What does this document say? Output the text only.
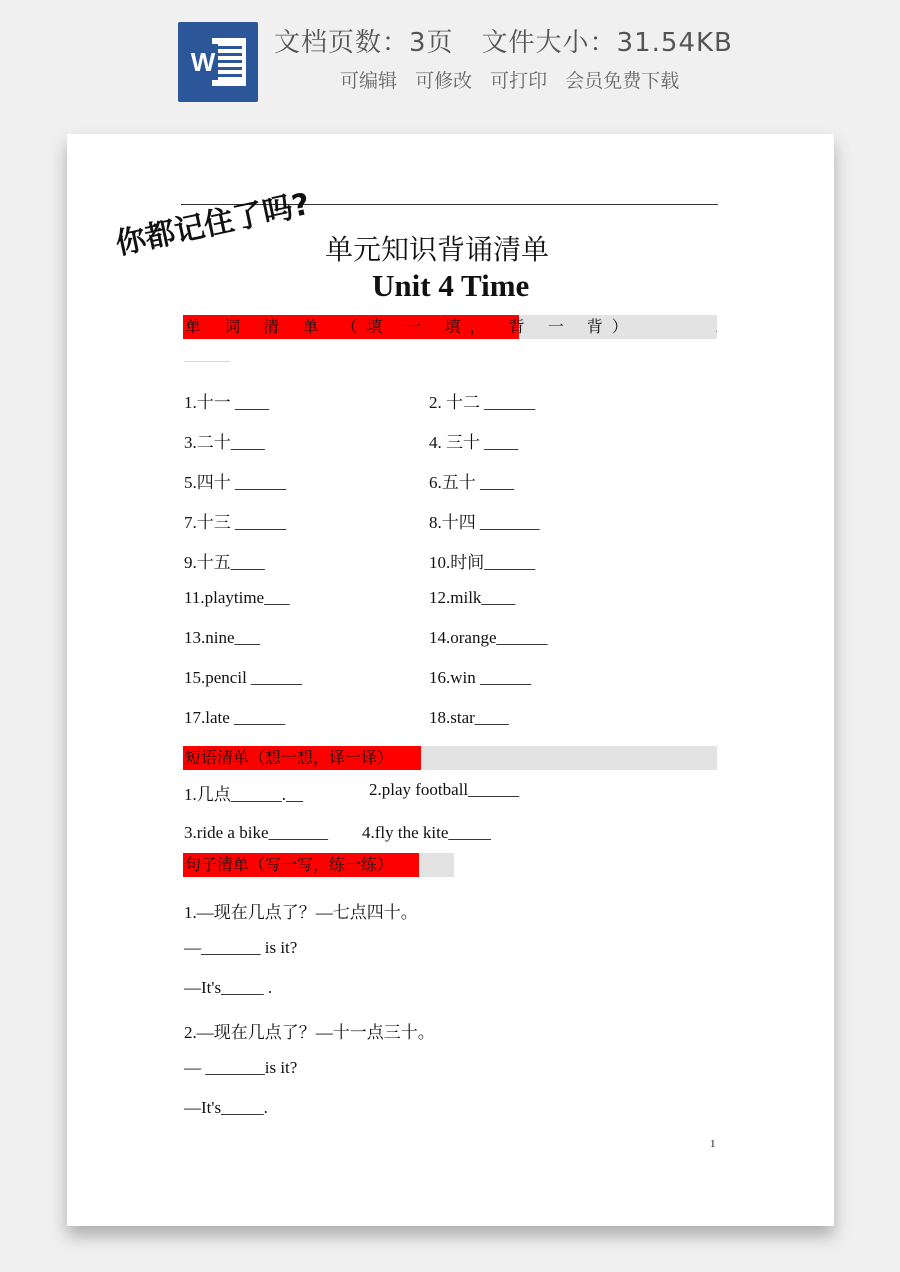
W
文档页数：3页 文件大小：31.54KB
可编辑 可修改 可打印 会员免费下载
你都记住了吗? 单元知识背诵清单
Unit 4 Time
单 词 清 单 （填 一 填， 背 一 背）	.
1.十一 ____
3.二十____
5.四十 ______
7.十三 ______
9.十五____
11.playtime___
13.nine___
15.pencil ______
17.late ______
2. 十二 ______
4. 三十 ____
6.五十 ____
8.十四 _______
10.时间______
12.milk____
14.orange______
16.win ______
18.star____
短语清单（想一想，译一译）
1.几点______.__	2.play football______
3.ride a bike_______ 4.fly the kite_____
句子清单（写一写，练一练）
1.—现在几点了？—七点四十。
—_______ is it?
—It's_____ .
2.—现在几点了？—十一点三十。
— _______is it?
—It's_____.
1
